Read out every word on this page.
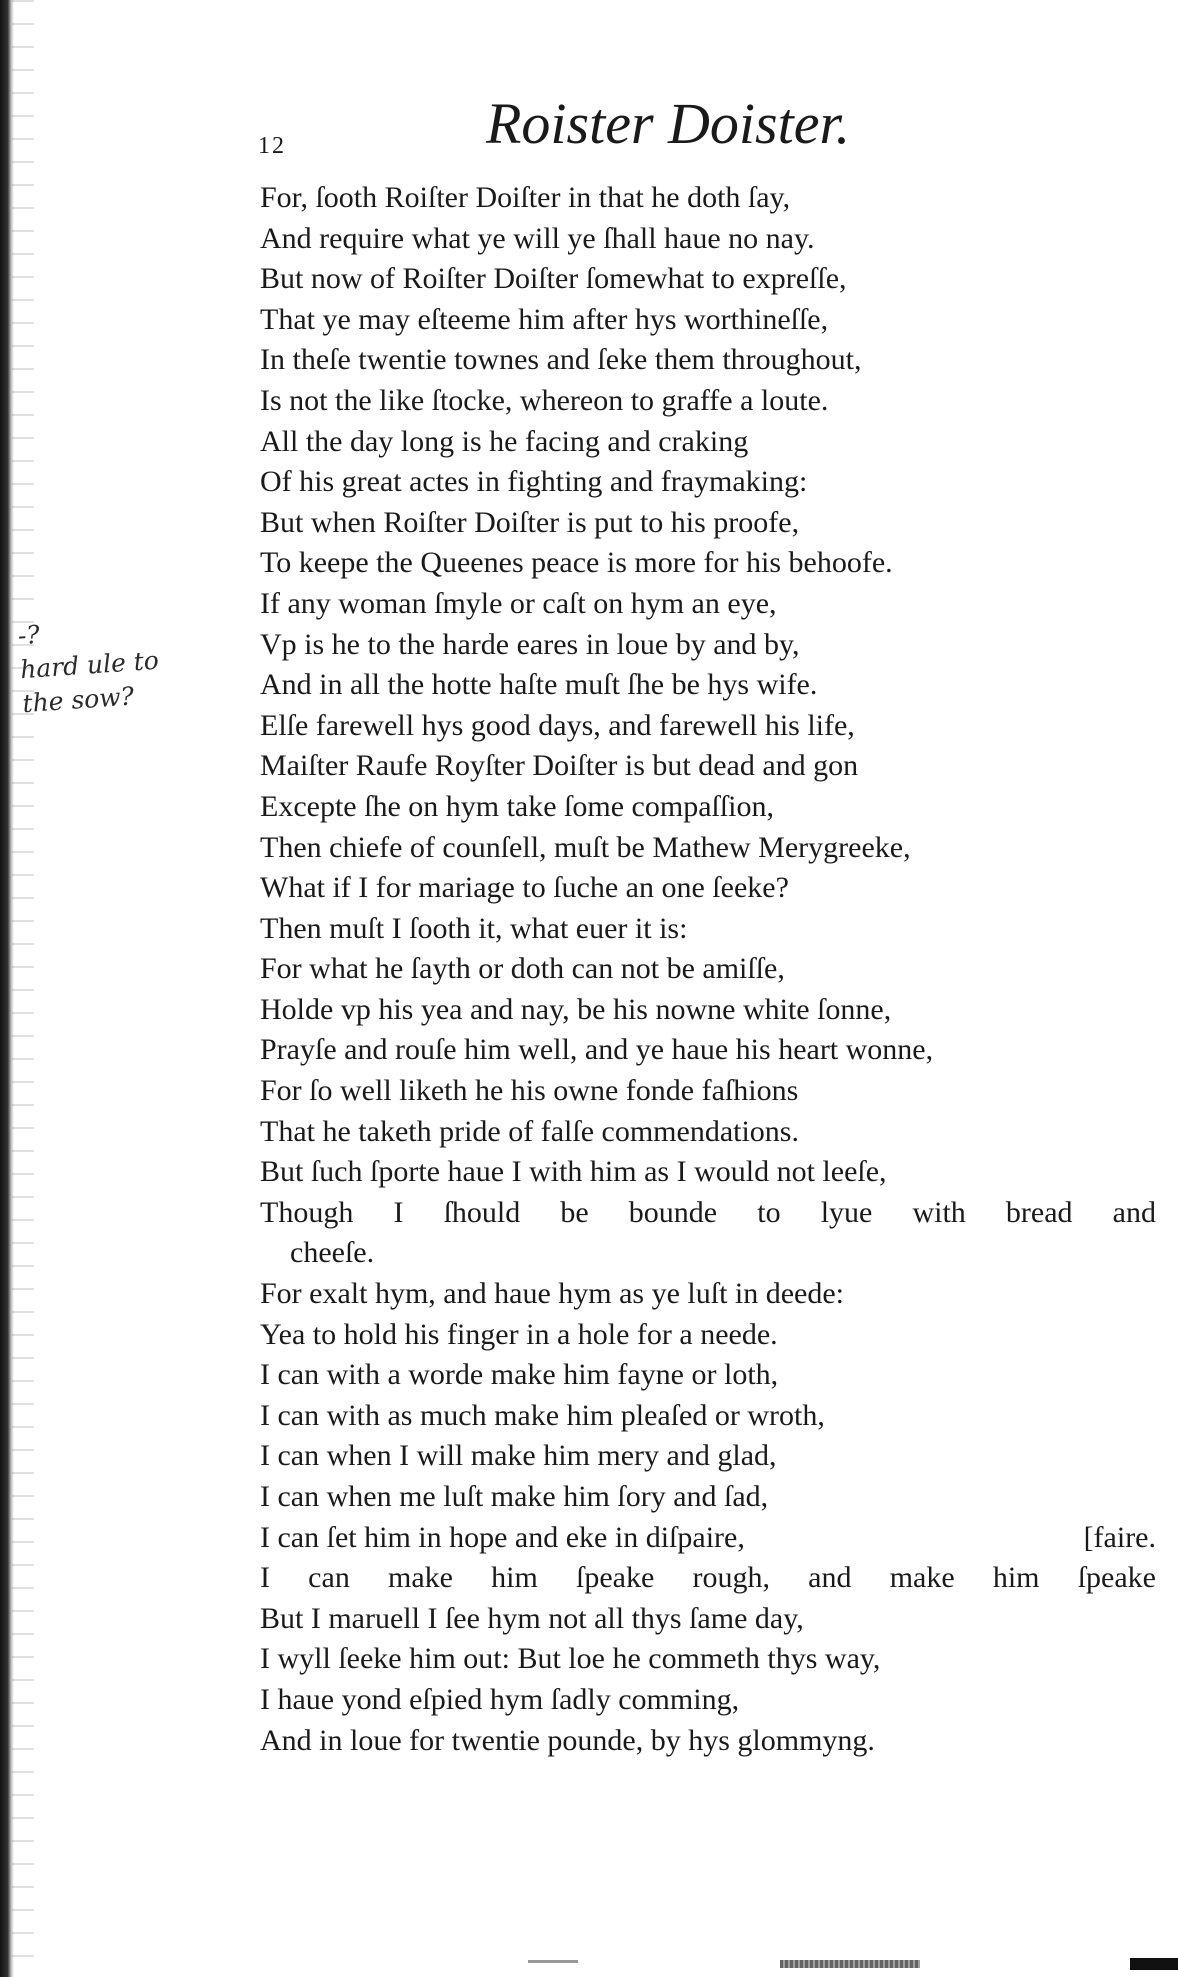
12	Roister Doister.
-?
hard ule to
the sow?
For, ſooth Roiſter Doiſter in that he doth ſay,
And require what ye will ye ſhall haue no nay.
But now of Roiſter Doiſter ſomewhat to expreſſe,
That ye may eſteeme him after hys worthineſſe,
In theſe twentie townes and ſeke them throughout,
Is not the like ſtocke, whereon to graffe a loute.
All the day long is he facing and craking
Of his great actes in fighting and fraymaking:
But when Roiſter Doiſter is put to his proofe,
To keepe the Queenes peace is more for his behoofe.
If any woman ſmyle or caſt on hym an eye,
Vp is he to the harde eares in loue by and by,
And in all the hotte haſte muſt ſhe be hys wife.
Elſe farewell hys good days, and farewell his life,
Maiſter Raufe Royſter Doiſter is but dead and gon
Excepte ſhe on hym take ſome compaſſion,
Then chiefe of counſell, muſt be Mathew Merygreeke,
What if I for mariage to ſuche an one ſeeke?
Then muſt I ſooth it, what euer it is:
For what he ſayth or doth can not be amiſſe,
Holde vp his yea and nay, be his nowne white ſonne,
Prayſe and rouſe him well, and ye haue his heart wonne,
For ſo well liketh he his owne fonde faſhions
That he taketh pride of falſe commendations.
But ſuch ſporte haue I with him as I would not leeſe,
Though I ſhould be bounde to lyue with bread and
cheeſe.
For exalt hym, and haue hym as ye luſt in deede:
Yea to hold his finger in a hole for a neede.
I can with a worde make him fayne or loth,
I can with as much make him pleaſed or wroth,
I can when I will make him mery and glad,
I can when me luſt make him ſory and ſad,
I can ſet him in hope and eke in diſpaire,	[faire.
I can make him ſpeake rough, and make him ſpeake
But I maruell I ſee hym not all thys ſame day,
I wyll ſeeke him out: But loe he commeth thys way,
I haue yond eſpied hym ſadly comming,
And in loue for twentie pounde, by hys glommyng.
